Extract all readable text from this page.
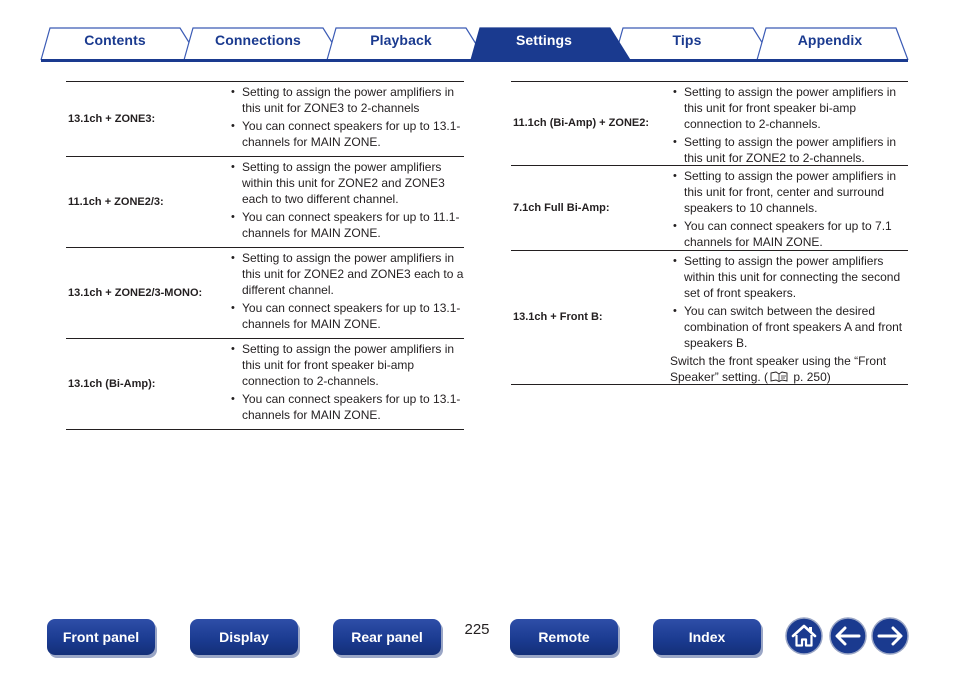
Contents	Connections	Playback	Settings	Tips	Appendix
13.1ch + ZONE3:
• Setting to assign the power amplifiers in this unit for ZONE3 to 2-channels
• You can connect speakers for up to 13.1-channels for MAIN ZONE.
11.1ch + ZONE2/3:
• Setting to assign the power amplifiers within this unit for ZONE2 and ZONE3 each to two different channel.
• You can connect speakers for up to 11.1-channels for MAIN ZONE.
13.1ch + ZONE2/3-MONO:
• Setting to assign the power amplifiers in this unit for ZONE2 and ZONE3 each to a different channel.
• You can connect speakers for up to 13.1-channels for MAIN ZONE.
13.1ch (Bi-Amp):
• Setting to assign the power amplifiers in this unit for front speaker bi-amp connection to 2-channels.
• You can connect speakers for up to 13.1-channels for MAIN ZONE.
11.1ch (Bi-Amp) + ZONE2:
• Setting to assign the power amplifiers in this unit for front speaker bi-amp connection to 2-channels.
• Setting to assign the power amplifiers in this unit for ZONE2 to 2-channels.
7.1ch Full Bi-Amp:
• Setting to assign the power amplifiers in this unit for front, center and surround speakers to 10 channels.
• You can connect speakers for up to 7.1 channels for MAIN ZONE.
13.1ch + Front B:
• Setting to assign the power amplifiers within this unit for connecting the second set of front speakers.
• You can switch between the desired combination of front speakers A and front speakers B.
Switch the front speaker using the “Front Speaker” setting. ( p. 250)
Front panel	Display	Rear panel	225	Remote	Index
